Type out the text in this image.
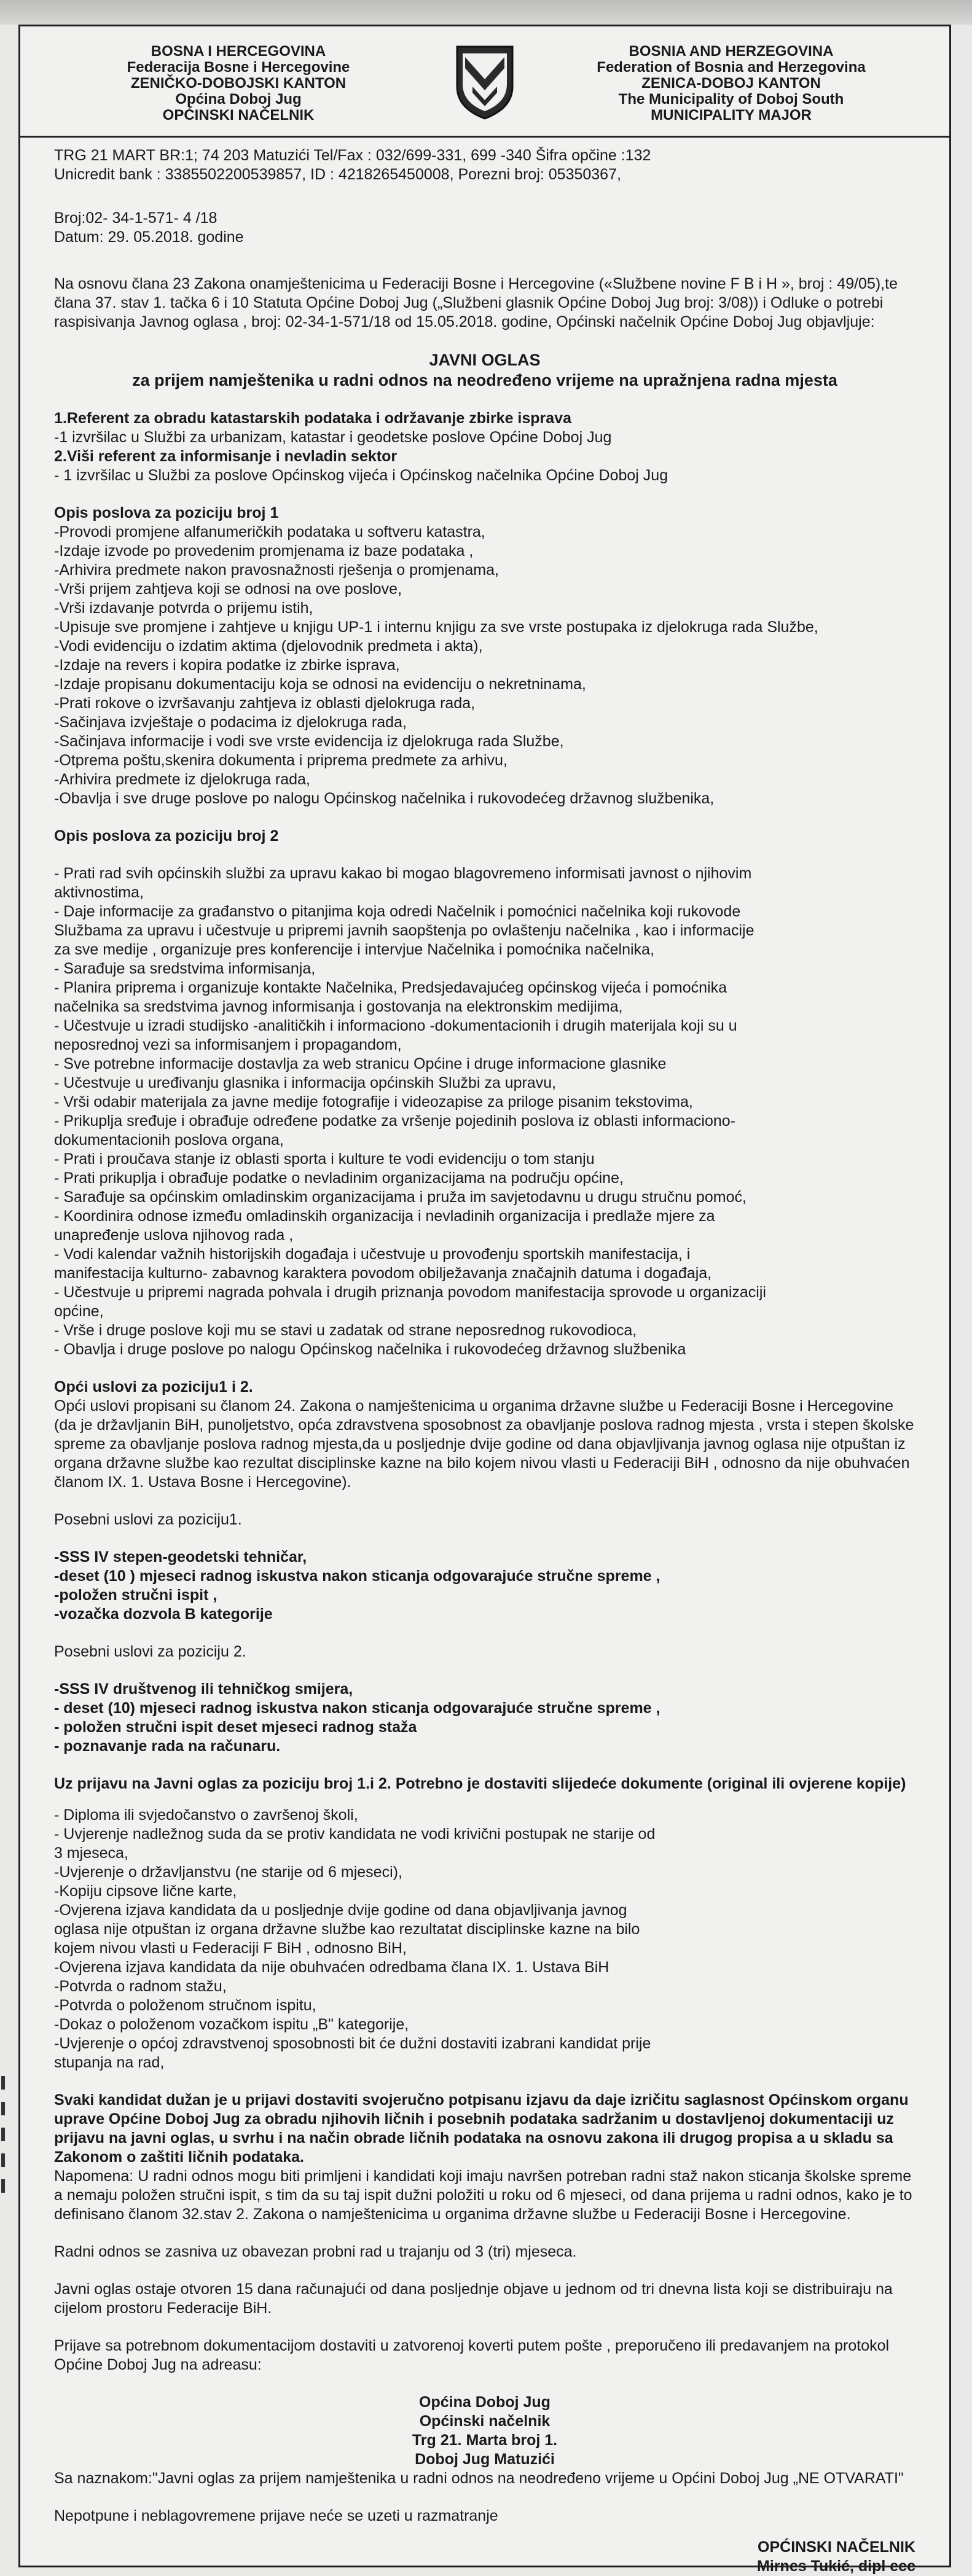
BOSNA I HERCEGOVINA
Federacija Bosne i Hercegovine
ZENIČKO-DOBOJSKI KANTON
Općina Doboj Jug
OPĆINSKI NAČELNIK
BOSNIA AND HERZEGOVINA
Federation of Bosnia and Herzegovina
ZENICA-DOBOJ KANTON
The Municipality of Doboj South
MUNICIPALITY MAJOR

TRG 21 MART BR:1; 74 203 Matuzići Tel/Fax : 032/699-331, 699 -340 Šifra opčine :132

Unicredit bank : 3385502200539857, ID : 4218265450008, Porezni broj: 05350367,

Broj:02- 34-1-571- 4 /18

Datum: 29. 05.2018. godine

Na osnovu člana 23 Zakona onamještenicima u Federaciji Bosne i Hercegovine («Službene novine F B i H », broj : 49/05),te člana 37. stav 1. tačka 6 i 10 Statuta Općine Doboj Jug („Službeni glasnik Općine Doboj Jug broj: 3/08)) i Odluke o potrebi raspisivanja Javnog oglasa , broj: 02-34-1-571/18 od 15.05.2018. godine, Općinski načelnik Općine Doboj Jug objavljuje:

JAVNI OGLAS

za prijem namještenika u radni odnos na neodređeno vrijeme na upražnjena radna mjesta

1.Referent za obradu katastarskih podataka i održavanje zbirke isprava

-1 izvršilac u Službi za urbanizam, katastar i geodetske poslove Općine Doboj Jug

2.Viši referent za informisanje i nevladin sektor

- 1 izvršilac u Službi za poslove Općinskog vijeća i Općinskog načelnika Općine Doboj Jug

Opis poslova za poziciju broj 1

-Provodi promjene alfanumeričkih podataka u softveru katastra,
-Izdaje izvode po provedenim promjenama iz baze podataka ,
-Arhivira predmete nakon pravosnažnosti rješenja o promjenama,
-Vrši prijem zahtjeva koji se odnosi na ove poslove,
-Vrši izdavanje potvrda o prijemu istih,
-Upisuje sve promjene i zahtjeve u knjigu UP-1 i internu knjigu za sve vrste postupaka iz djelokruga rada Službe,
-Vodi evidenciju o izdatim aktima (djelovodnik predmeta i akta),
-Izdaje na revers i kopira podatke iz zbirke isprava,
-Izdaje propisanu dokumentaciju koja se odnosi na evidenciju o nekretninama,
-Prati rokove o izvršavanju zahtjeva iz oblasti djelokruga rada,
-Sačinjava izvještaje o podacima iz djelokruga rada,
-Sačinjava informacije i vodi sve vrste evidencija iz djelokruga rada Službe,
-Otprema poštu,skenira dokumenta i priprema predmete za arhivu,
-Arhivira predmete iz djelokruga rada,
-Obavlja i sve druge poslove po nalogu Općinskog načelnika i rukovodećeg državnog službenika,

Opis poslova za poziciju broj 2

- Prati rad svih općinskih službi za upravu kakao bi mogao blagovremeno informisati javnost o njihovim aktivnostima,
- Daje informacije za građanstvo o pitanjima koja odredi Načelnik i pomoćnici načelnika koji rukovode Službama za upravu i učestvuje u pripremi javnih saopštenja po ovlaštenju načelnika , kao i informacije za sve medije , organizuje pres konferencije i intervjue Načelnika i pomoćnika načelnika,
- Sarađuje sa sredstvima informisanja,
- Planira priprema i organizuje kontakte Načelnika, Predsjedavajućeg općinskog vijeća i pomoćnika načelnika sa sredstvima javnog informisanja i gostovanja na elektronskim medijima,
- Učestvuje u izradi studijsko -analitičkih i informaciono -dokumentacionih i drugih materijala koji su u neposrednoj vezi sa informisanjem i propagandom,
- Sve potrebne informacije dostavlja za web stranicu Općine i druge informacione glasnike
- Učestvuje u uređivanju glasnika i informacija općinskih Službi za upravu,
- Vrši odabir materijala za javne medije fotografije i videozapise za priloge pisanim tekstovima,
- Prikuplja sređuje i obrađuje određene podatke za vršenje pojedinih poslova iz oblasti informaciono- dokumentacionih poslova organa,
- Prati i proučava stanje iz oblasti sporta i kulture te vodi evidenciju o tom stanju
- Prati prikuplja i obrađuje podatke o nevladinim organizacijama na području općine,
- Sarađuje sa općinskim omladinskim organizacijama i pruža im savjetodavnu u drugu stručnu pomoć,
- Koordinira odnose između omladinskih organizacija i nevladinih organizacija i predlaže mjere za unapređenje uslova njihovog rada ,
- Vodi kalendar važnih historijskih događaja i učestvuje u provođenju sportskih manifestacija, i manifestacija kulturno- zabavnog karaktera povodom obilježavanja značajnih datuma i događaja,
- Učestvuje u pripremi nagrada pohvala i drugih priznanja povodom manifestacija sprovode u organizaciji općine,
- Vrše i druge poslove koji mu se stavi u zadatak od strane neposrednog rukovodioca,
- Obavlja i druge poslove po nalogu Općinskog načelnika i rukovodećeg državnog službenika

Opći uslovi za poziciju1 i 2.

Opći uslovi propisani su članom 24. Zakona o namještenicima u organima državne službe u Federaciji Bosne i Hercegovine (da je državljanin BiH, punoljetstvo, opća zdravstvena sposobnost za obavljanje poslova radnog mjesta , vrsta i stepen školske spreme za obavljanje poslova radnog mjesta,da u posljednje dvije godine od dana objavljivanja javnog oglasa nije otpuštan iz organa državne službe kao rezultat disciplinske kazne na bilo kojem nivou vlasti u Federaciji BiH , odnosno da nije obuhvaćen članom IX. 1. Ustava Bosne i Hercegovine).

Posebni uslovi za poziciju1.

-SSS IV stepen-geodetski tehničar,
-deset (10 ) mjeseci radnog iskustva nakon sticanja odgovarajuće stručne spreme ,
-položen stručni ispit ,
-vozačka dozvola B kategorije

Posebni uslovi za poziciju 2.

-SSS IV društvenog ili tehničkog smijera,
- deset (10) mjeseci radnog iskustva nakon sticanja odgovarajuće stručne spreme ,
- položen stručni ispit deset mjeseci radnog staža
- poznavanje rada na računaru.

Uz prijavu na Javni oglas za poziciju broj 1.i 2. Potrebno je dostaviti slijedeće dokumente (original ili ovjerene kopije)

- Diploma ili svjedočanstvo o završenoj školi,
- Uvjerenje nadležnog suda da se protiv kandidata ne vodi krivični postupak ne starije od 3 mjeseca,
-Uvjerenje o državljanstvu (ne starije od 6 mjeseci),
-Kopiju cipsove lične karte,
-Ovjerena izjava kandidata da u posljednje dvije godine od dana objavljivanja javnog oglasa nije otpuštan iz organa državne službe kao rezultatat disciplinske kazne na bilo kojem nivou vlasti u Federaciji F BiH , odnosno BiH,
-Ovjerena izjava kandidata da nije obuhvaćen odredbama člana IX. 1. Ustava BiH
-Potvrda o radnom stažu,
-Potvrda o položenom stručnom ispitu,
-Dokaz o položenom vozačkom ispitu „B" kategorije,
-Uvjerenje o općoj zdravstvenoj sposobnosti bit će dužni dostaviti izabrani kandidat prije stupanja na rad,

Svaki kandidat dužan je u prijavi dostaviti svojeručno potpisanu izjavu da daje izričitu saglasnost Općinskom organu uprave Općine Doboj Jug za obradu njihovih ličnih i posebnih podataka sadržanim u dostavljenoj dokumentaciji uz prijavu na javni oglas, u svrhu i na način obrade ličnih podataka na osnovu zakona ili drugog propisa a u skladu sa Zakonom o zaštiti ličnih podataka.

Napomena: U radni odnos mogu biti primljeni i kandidati koji imaju navršen potreban radni staž nakon sticanja školske spreme a nemaju položen stručni ispit, s tim da su taj ispit dužni položiti u roku od 6 mjeseci, od dana prijema u radni odnos, kako je to definisano članom 32.stav 2. Zakona o namještenicima u organima državne službe u Federaciji Bosne i Hercegovine.

Radni odnos se zasniva uz obavezan probni rad u trajanju od 3 (tri) mjeseca.

Javni oglas ostaje otvoren 15 dana računajući od dana posljednje objave u jednom od tri dnevna lista koji se distribuiraju na cijelom prostoru Federacije BiH.

Prijave sa potrebnom dokumentacijom dostaviti u zatvorenoj koverti putem pošte , preporučeno ili predavanjem na protokol Općine Doboj Jug na adreasu:

Općina Doboj Jug

Općinski načelnik

Trg 21. Marta broj 1.

Doboj Jug Matuzići

Sa naznakom:"Javni oglas za prijem namještenika u radni odnos na neodređeno vrijeme u Općini Doboj Jug „NE OTVARATI"

Nepotpune i neblagovremene prijave neće se uzeti u razmatranje

OPĆINSKI NAČELNIK

Mirnes Tukić, dipl ecc
